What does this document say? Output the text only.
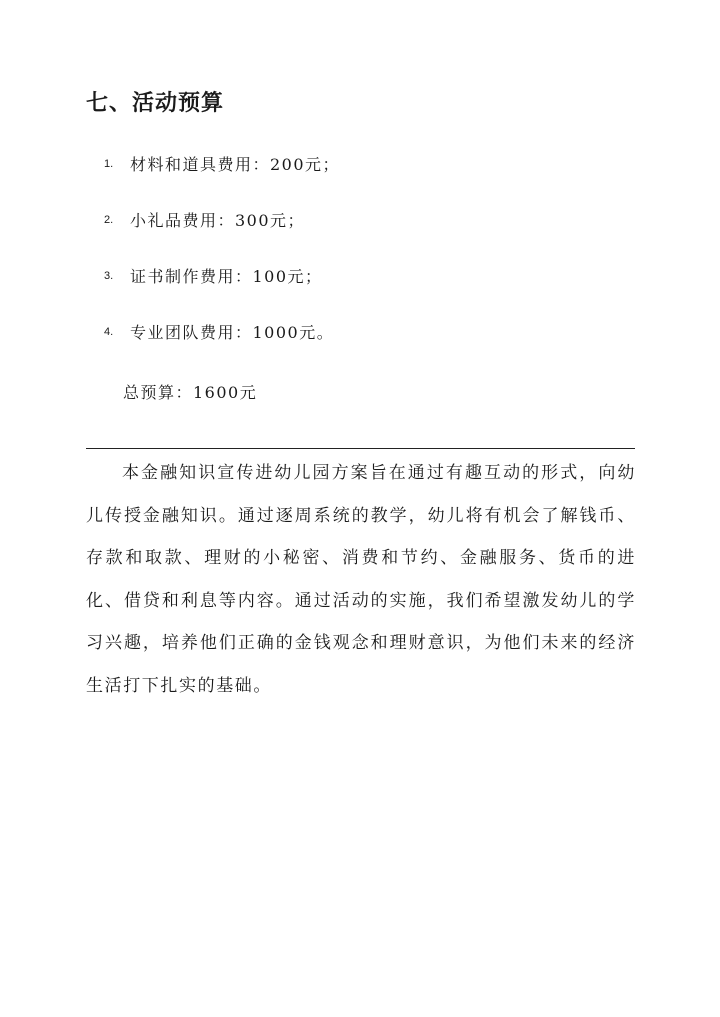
七、活动预算
1.	材料和道具费用：200元；
2.	小礼品费用：300元；
3.	证书制作费用：100元；
4.	专业团队费用：1000元。
总预算：1600元

本金融知识宣传进幼儿园方案旨在通过有趣互动的形式，向幼儿传授金融知识。通过逐周系统的教学，幼儿将有机会了解钱币、存款和取款、理财的小秘密、消费和节约、金融服务、货币的进化、借贷和利息等内容。通过活动的实施，我们希望激发幼儿的学习兴趣，培养他们正确的金钱观念和理财意识，为他们未来的经济生活打下扎实的基础。
